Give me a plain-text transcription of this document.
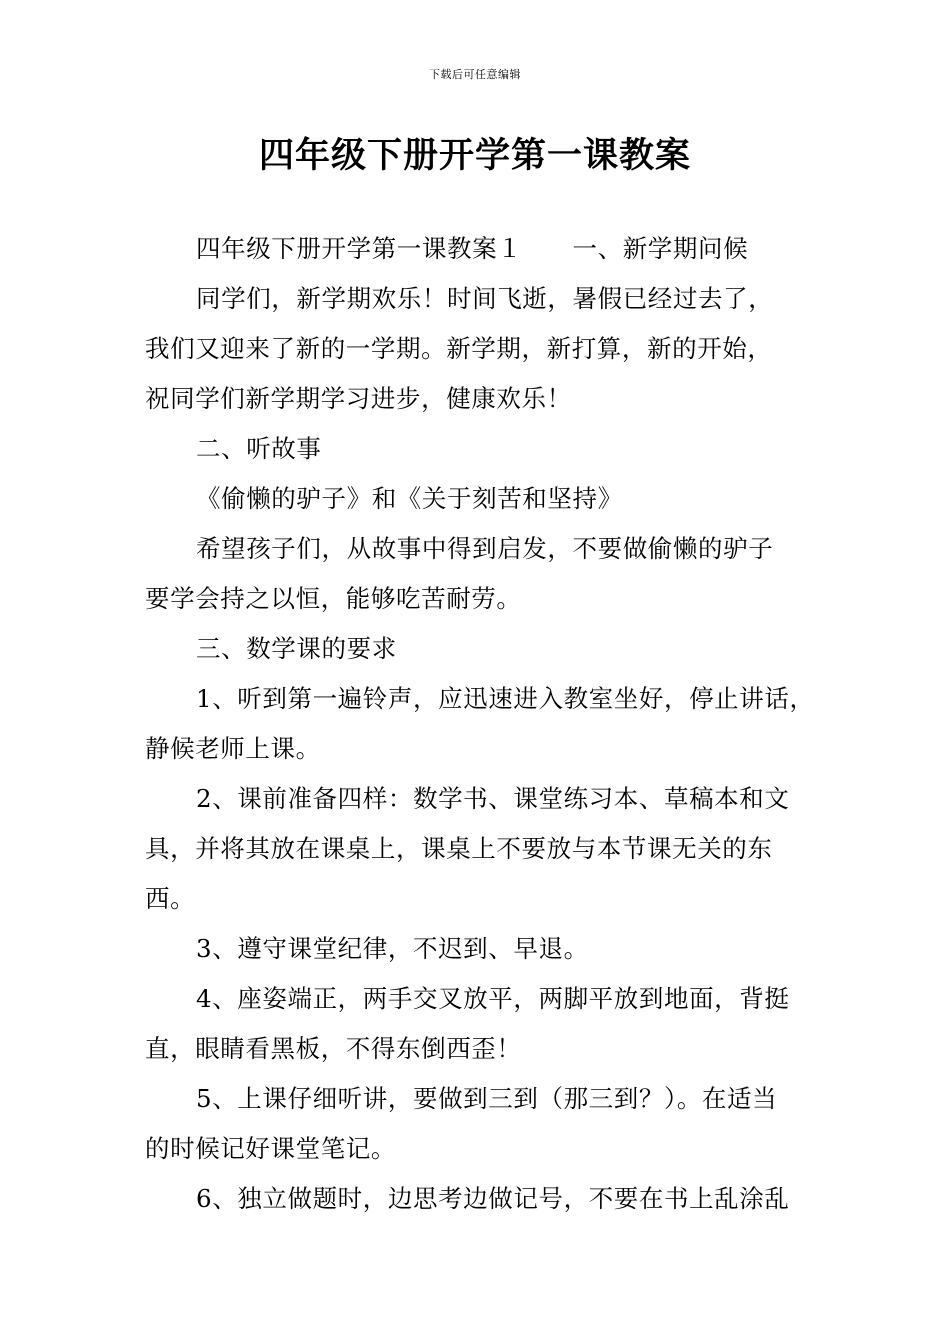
下载后可任意编辑
四年级下册开学第一课教案
四年级下册开学第一课教案１　　一、新学期问候
同学们，新学期欢乐！时间飞逝，暑假已经过去了，
我们又迎来了新的一学期。新学期，新打算，新的开始，
祝同学们新学期学习进步，健康欢乐！
二、听故事
《偷懒的驴子》和《关于刻苦和坚持》
希望孩子们，从故事中得到启发，不要做偷懒的驴子
要学会持之以恒，能够吃苦耐劳。
三、数学课的要求
1、听到第一遍铃声，应迅速进入教室坐好，停止讲话，
静候老师上课。
2、课前准备四样：数学书、课堂练习本、草稿本和文
具，并将其放在课桌上，课桌上不要放与本节课无关的东
西。
3、遵守课堂纪律，不迟到、早退。
4、座姿端正，两手交叉放平，两脚平放到地面，背挺
直，眼睛看黑板，不得东倒西歪！
5、上课仔细听讲，要做到三到（那三到？）。在适当
的时候记好课堂笔记。
6、独立做题时，边思考边做记号，不要在书上乱涂乱
